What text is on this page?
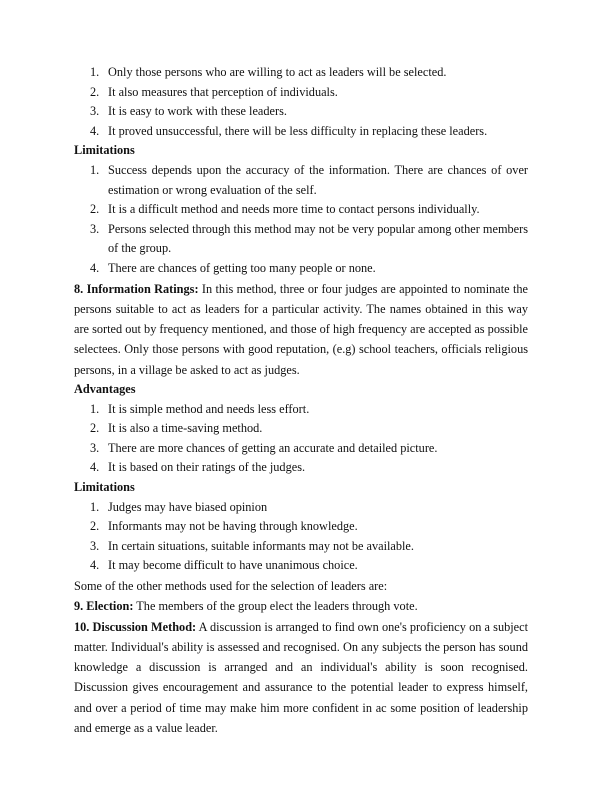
1. Only those persons who are willing to act as leaders will be selected.
2. It also measures that perception of individuals.
3. It is easy to work with these leaders.
4. It proved unsuccessful, there will be less difficulty in replacing these leaders.

Limitations

1. Success depends upon the accuracy of the information. There are chances of over estimation or wrong evaluation of the self.
2. It is a difficult method and needs more time to contact persons individually.
3. Persons selected through this method may not be very popular among other members of the group.
4. There are chances of getting too many people or none.

8. Information Ratings: In this method, three or four judges are appointed to nominate the persons suitable to act as leaders for a particular activity. The names obtained in this way are sorted out by frequency mentioned, and those of high frequency are accepted as possible selectees. Only those persons with good reputation, (e.g) school teachers, officials religious persons, in a village be asked to act as judges.

Advantages

1. It is simple method and needs less effort.
2. It is also a time-saving method.
3. There are more chances of getting an accurate and detailed picture.
4. It is based on their ratings of the judges.

Limitations

1. Judges may have biased opinion
2. Informants may not be having through knowledge.
3. In certain situations, suitable informants may not be available.
4. It may become difficult to have unanimous choice.

Some of the other methods used for the selection of leaders are:

9. Election: The members of the group elect the leaders through vote.

10. Discussion Method: A discussion is arranged to find own one's proficiency on a subject matter. Individual's ability is assessed and recognised. On any subjects the person has sound knowledge a discussion is arranged and an individual's ability is soon recognised. Discussion gives encouragement and assurance to the potential leader to express himself, and over a period of time may make him more confident in ac some position of leadership and emerge as a value leader.
